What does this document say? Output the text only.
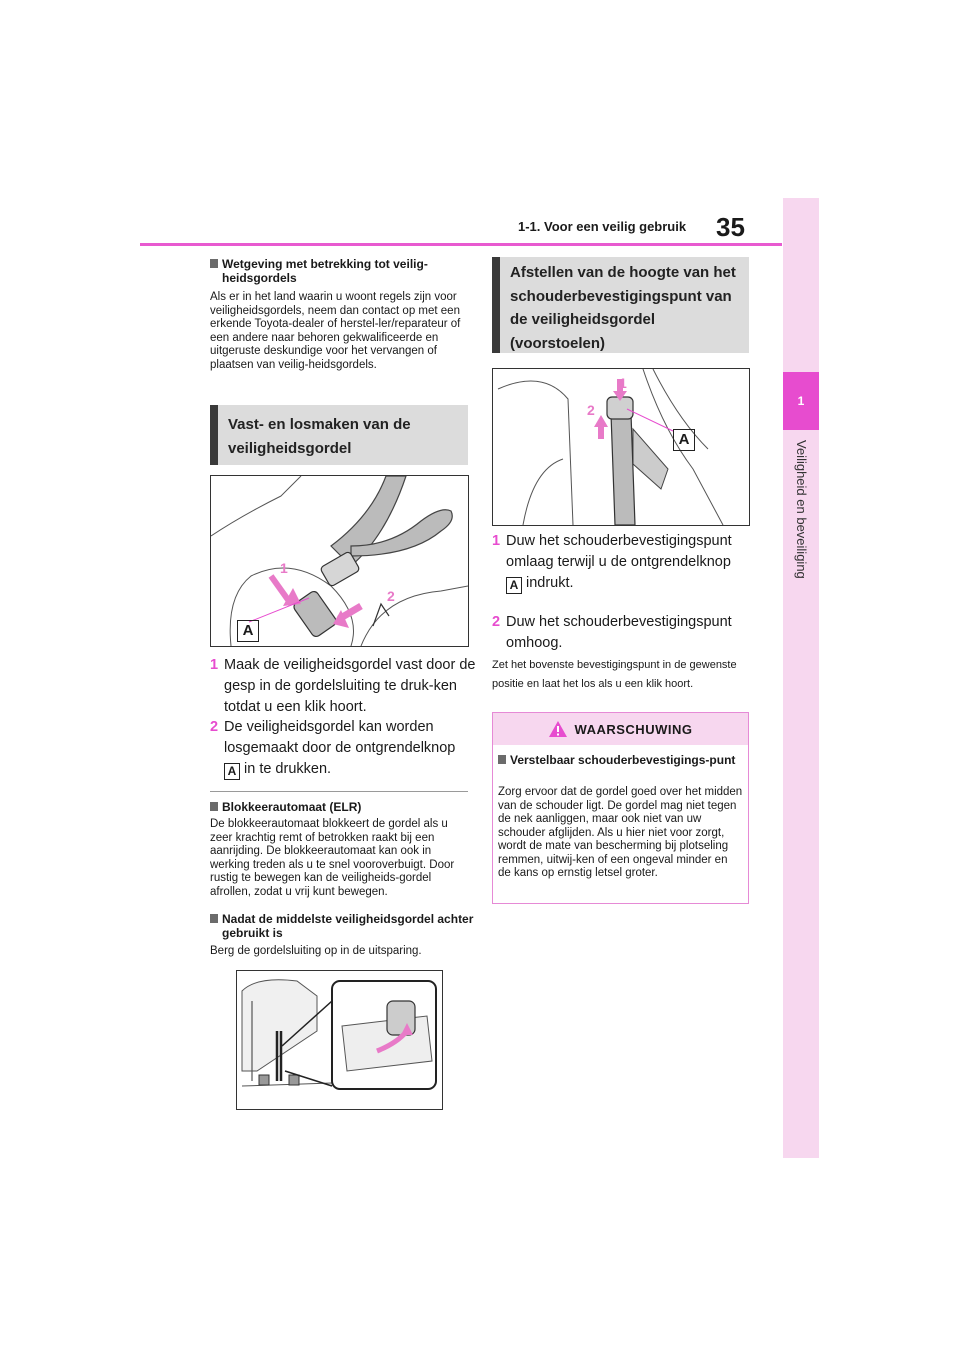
1-1. Voor een veilig gebruik 35
1
Veiligheid en beveiliging
Wetgeving met betrekking tot veilig-heidsgordels
Als er in het land waarin u woont regels zijn voor veiligheidsgordels, neem dan contact op met een erkende Toyota-dealer of herstel-ler/reparateur of een andere naar behoren gekwalificeerde en uitgeruste deskundige voor het vervangen of plaatsen van veilig-heidsgordels.
Vast- en losmaken van de
veiligheidsgordel
1
2
A
1 Maak de veiligheidsgordel vast door de gesp in de gordelsluiting te druk-ken totdat u een klik hoort.
2 De veiligheidsgordel kan worden losgemaakt door de ontgrendelknop
A in te drukken.
Blokkeerautomaat (ELR)
De blokkeerautomaat blokkeert de gordel als u zeer krachtig remt of betrokken raakt bij een aanrijding. De blokkeerautomaat kan ook in werking treden als u te snel vooroverbuigt. Door rustig te bewegen kan de veiligheids-gordel afrollen, zodat u vrij kunt bewegen.
Nadat de middelste veiligheidsgordel achter gebruikt is
Berg de gordelsluiting op in de uitsparing.
Afstellen van de hoogte van het
schouderbevestigingspunt van
de veiligheidsgordel
(voorstoelen)
1
2
A
1 Duw het schouderbevestigingspunt omlaag terwijl u de ontgrendelknop
A indrukt.
2 Duw het schouderbevestigingspunt omhoog.
Zet het bovenste bevestigingspunt in de gewenste positie en laat het los als u een klik hoort.
WAARSCHUWING
Verstelbaar schouderbevestigings-punt
Zorg ervoor dat de gordel goed over het midden van de schouder ligt. De gordel mag niet tegen de nek aanliggen, maar ook niet van uw schouder afglijden. Als u hier niet voor zorgt, wordt de mate van bescherming bij plotseling remmen, uitwij-ken of een ongeval minder en de kans op ernstig letsel groter.
